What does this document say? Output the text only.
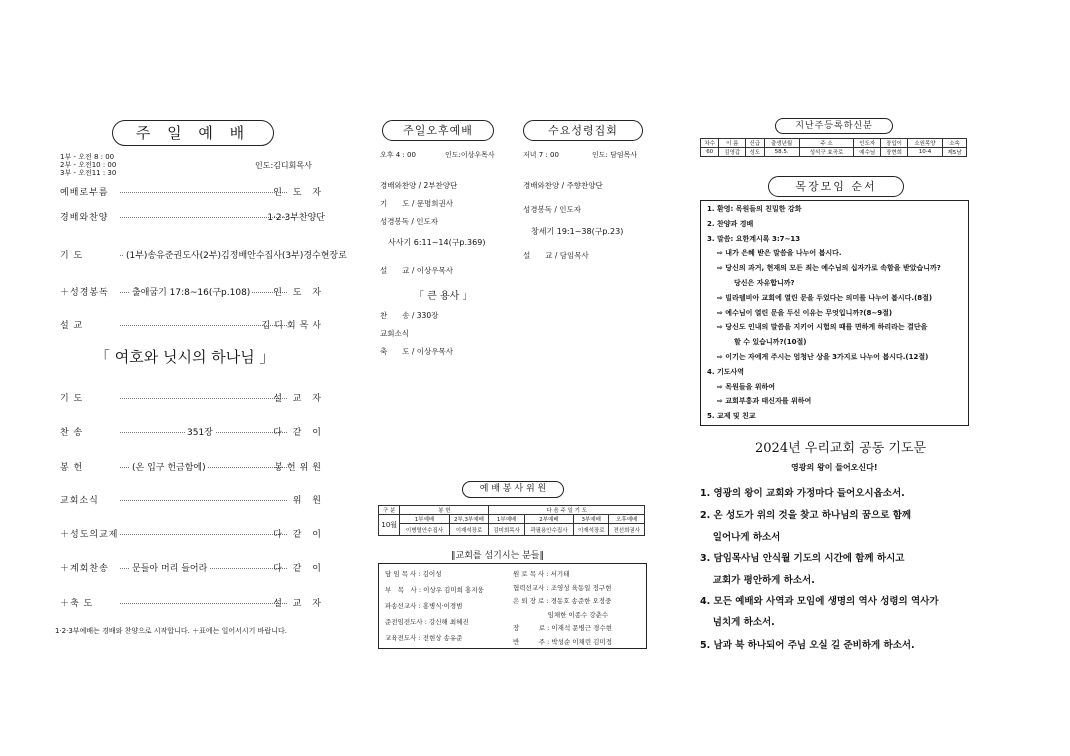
주 일 예 배
1부 - 오전 8 : 00
2부 - 오전10 : 00
3부 - 오전11 : 30
인도:김디회목사
예배로부름	인 도 자
경배와찬양	1·2·3부찬양단
기 도	(1부)송유준권도사(2부)김정배안수집사(3부)경수현장로
＋성경봉독	출애굽기 17:8~16(구p.108)	인 도 자
설 교	김디회목사
「 여호와 닛시의 하나님 」
기 도	설 교 자
찬 송	351장	다 같 이
봉 헌	(온 입구 헌금함에)	봉헌위원
교회소식	위 원
＋성도의교제	다 같 이
＋계회찬송	문들아 머리 들어라	다 같 이
＋축 도	설 교 자
1·2·3부예배는 경배와 찬양으로 시작합니다. ＋표에는 일어서시기 바랍니다.
주일오후예배	수요성령집회
오후 4 : 00	인도:이상우목사	저녁 7 : 00	인도: 담임목사
경배와찬양 / 2부찬양단
기　　도 / 문명희권사
성경봉독 / 인도자
　사사기 6:11~14(구p.369)
설　　교 / 이상우목사
「 큰 용사 」
찬　　송 / 330장
교회소식
축　　도 / 이상우목사
경배와찬양 / 주향찬양단
성경봉독 / 인도자
　창세기 19:1~38(구p.23)
설　　교 / 담임목사
예 배 봉 사 위 원
구 분	봉 헌		다 음 주 일 기 도			
10월	1부예배	2부,3부예배	1부예배	2부예배	3부예배	오후예배
	이병렬안수집사	이재석장로	김미희목사	곽필용안수집사	이재석장로	전선희권사
‖교회를 섬기시는 분들‖
담 임 목 사 : 김이성
부　목　사 : 이상우 김미희 홍지웅
파송선교사 : 홍병식·이경범
준전임전도사 : 강신해 최혜진
교육전도사 : 전현상 송유준
원 로 목 사 : 서기태
협력선교사 : 조영성 육동일 정구현
은 퇴 장 로 : 경동호 송준한 오정중
　　　　　 임채한 이종수 강춘수
장　　　로 : 이재석 문병근 경수현
반　　　주 : 박성순 이채린 김미정
지난주등록하신분
차수	이 름	신급	출생년월	주 소	인도자	장입이	소원목양	소속
60	김영갑	성도	58.5.	성석구 효곡로	예수님	장현희	10-4	제5남
목장모임 순서
1. 환영: 목원들의 친밀한 강화
2. 찬양과 경배
3. 말씀: 요한계시록 3:7~13
⇨ 내가 은혜 받은 말씀을 나누어 봅시다.
⇨ 당신의 과거, 현재의 모든 죄는 예수님의 십자가로 속함을 받았습니까?
　당신은 자유합니까?
⇨ 빌라델비아 교회에 열린 문을 두었다는 의미를 나누어 봅시다.(8절)
⇨ 예수님이 열린 문을 두신 이유는 무엇입니까?(8~9절)
⇨ 당신도 인내의 말씀을 지키어 시험의 때를 면하게 하리라는 결단을
　할 수 있습니까?(10절)
⇨ 이기는 자에게 주시는 엄청난 상을 3가지로 나누어 봅시다.(12절)
4. 기도사역
⇨ 목원들을 위하여
⇨ 교회부흥과 태신자를 위하여
5. 교제 및 친교
2024년 우리교회 공동 기도문
영광의 왕이 들어오신다!
1. 영광의 왕이 교회와 가정마다 들어오시옵소서.
2. 온 성도가 위의 것을 찾고 하나님의 꿈으로 함께
　 일어나게 하소서
3. 담임목사님 안식월 기도의 시간에 함께 하시고
　 교회가 평안하게 하소서.
4. 모든 예배와 사역과 모임에 생명의 역사 성령의 역사가
　 넘치게 하소서.
5. 남과 북 하나되어 주님 오실 길 준비하게 하소서.
